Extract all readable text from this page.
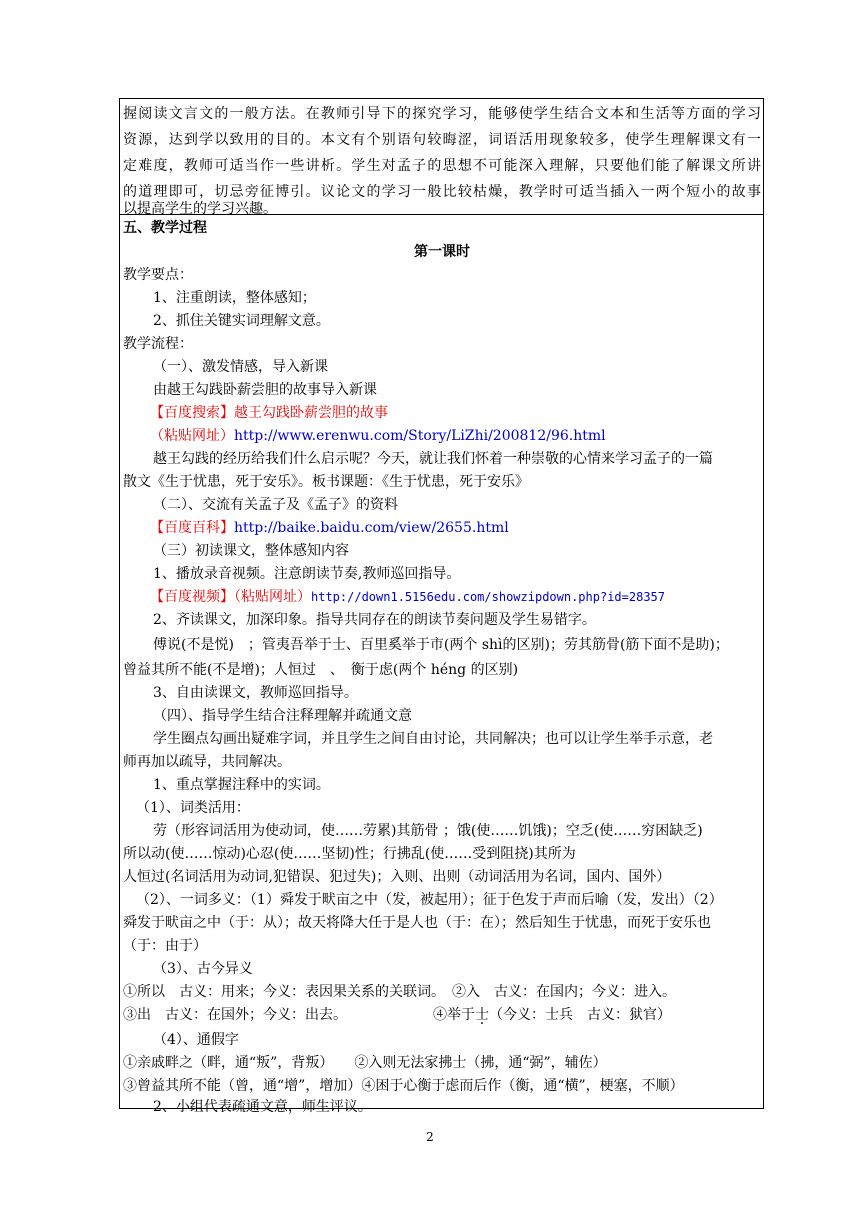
握阅读文言文的一般方法。在教师引导下的探究学习，能够使学生结合文本和生活等方面的学习
资源，达到学以致用的目的。本文有个别语句较晦涩，词语活用现象较多，使学生理解课文有一
定难度，教师可适当作一些讲析。学生对孟子的思想不可能深入理解，只要他们能了解课文所讲
的道理即可，切忌旁征博引。议论文的学习一般比较枯燥，教学时可适当插入一两个短小的故事
以提高学生的学习兴趣。
五、教学过程
第一课时
教学要点：
1、注重朗读，整体感知；
2、抓住关键实词理解文意。
教学流程：
（一）、激发情感，导入新课
由越王勾践卧薪尝胆的故事导入新课
【百度搜索】越王勾践卧薪尝胆的故事
（粘贴网址）http://www.erenwu.com/Story/LiZhi/200812/96.html
越王勾践的经历给我们什么启示呢？今天，就让我们怀着一种崇敬的心情来学习孟子的一篇
散文《生于忧患，死于安乐》。板书课题：《生于忧患，死于安乐》
（二）、交流有关孟子及《孟子》的资料
【百度百科】http://baike.baidu.com/view/2655.html
（三）初读课文，整体感知内容
1、播放录音视频。注意朗读节奏,教师巡回指导。
【百度视频】（粘贴网址）http://down1.5156edu.com/showzipdown.php?id=28357
2、齐读课文，加深印象。指导共同存在的朗读节奏问题及学生易错字。
傅说(不是悦)　；管夷吾举于士、百里奚举于市(两个 shì的区别)；劳其筋骨(筋下面不是助)；
曾益其所不能(不是增)；人恒过　、　衡于虑(两个 héng 的区别)
3、自由读课文，教师巡回指导。
（四）、指导学生结合注释理解并疏通文意
学生圈点勾画出疑难字词，并且学生之间自由讨论，共同解决；也可以让学生举手示意，老
师再加以疏导，共同解决。
1、重点掌握注释中的实词。
（1）、词类活用：
劳（形容词活用为使动词，使……劳累)其筋骨 ；饿(使……饥饿)；空乏(使……穷困缺乏)
所以动(使……惊动)心忍(使……坚韧)性；行拂乱(使……受到阻挠)其所为
人恒过(名词活用为动词,犯错误、犯过失)；入则、出则（动词活用为名词，国内、国外）
（2）、一词多义：（1）舜发于畎亩之中（发，被起用）；征于色发于声而后喻（发，发出）（2）
舜发于畎亩之中（于：从）；故天将降大任于是人也（于：在）；然后知生于忧患，而死于安乐也
（于：由于）
（3）、古今异义
①所以　古义：用来；今义：表因果关系的关联词。　②入　古义：在国内；今义：进入。
③出　古义：在国外；今义：出去。	④举于士（今义：士兵　古义：狱官）
（4）、通假字
①亲戚畔之（畔，通“叛”，背叛）　　②入则无法家拂士（拂，通“弼”，辅佐）
③曾益其所不能（曾，通“增”，增加）④困于心衡于虑而后作（衡，通“横”，梗塞，不顺）
2、小组代表疏通文意，师生评议。
2
